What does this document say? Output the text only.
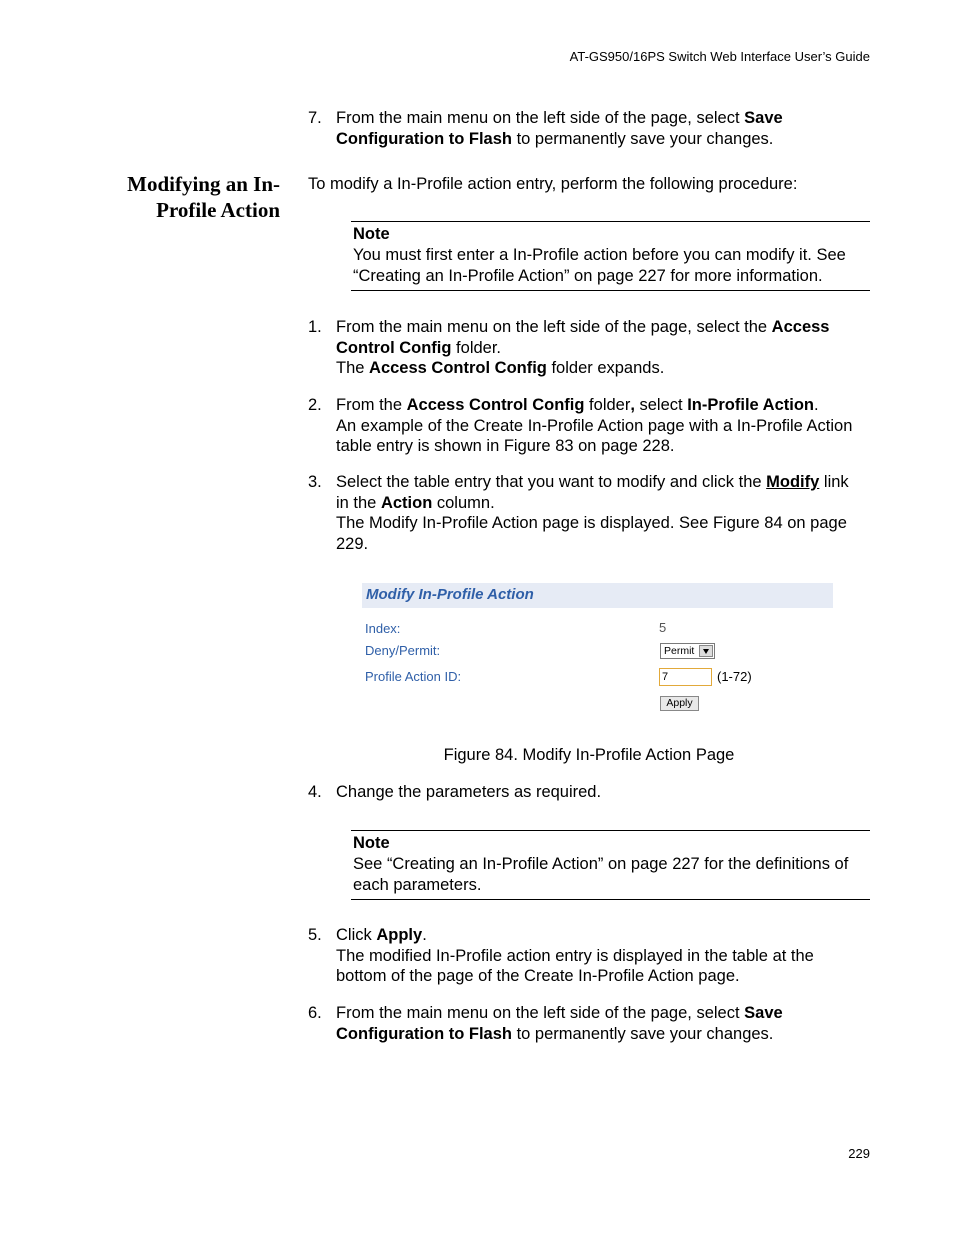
AT-GS950/16PS Switch Web Interface User’s Guide
7. From the main menu on the left side of the page, select Save
Configuration to Flash to permanently save your changes.
Modifying an In-
Profile Action
To modify a In-Profile action entry, perform the following procedure:
Note
You must first enter a In-Profile action before you can modify it. See
“Creating an In-Profile Action” on page 227 for more information.
1. From the main menu on the left side of the page, select the Access
Control Config folder.
The Access Control Config folder expands.
2. From the Access Control Config folder, select In-Profile Action.
An example of the Create In-Profile Action page with a In-Profile Action
table entry is shown in Figure 83 on page 228.
3. Select the table entry that you want to modify and click the Modify link
in the Action column.
The Modify In-Profile Action page is displayed. See Figure 84 on page
229.
Modify In-Profile Action
Index:	5
Deny/Permit:	Permit
Profile Action ID:	7	(1-72)
Apply
Figure 84. Modify In-Profile Action Page
4. Change the parameters as required.
Note
See “Creating an In-Profile Action” on page 227 for the definitions of
each parameters.
5. Click Apply.
The modified In-Profile action entry is displayed in the table at the
bottom of the page of the Create In-Profile Action page.
6. From the main menu on the left side of the page, select Save
Configuration to Flash to permanently save your changes.
229
